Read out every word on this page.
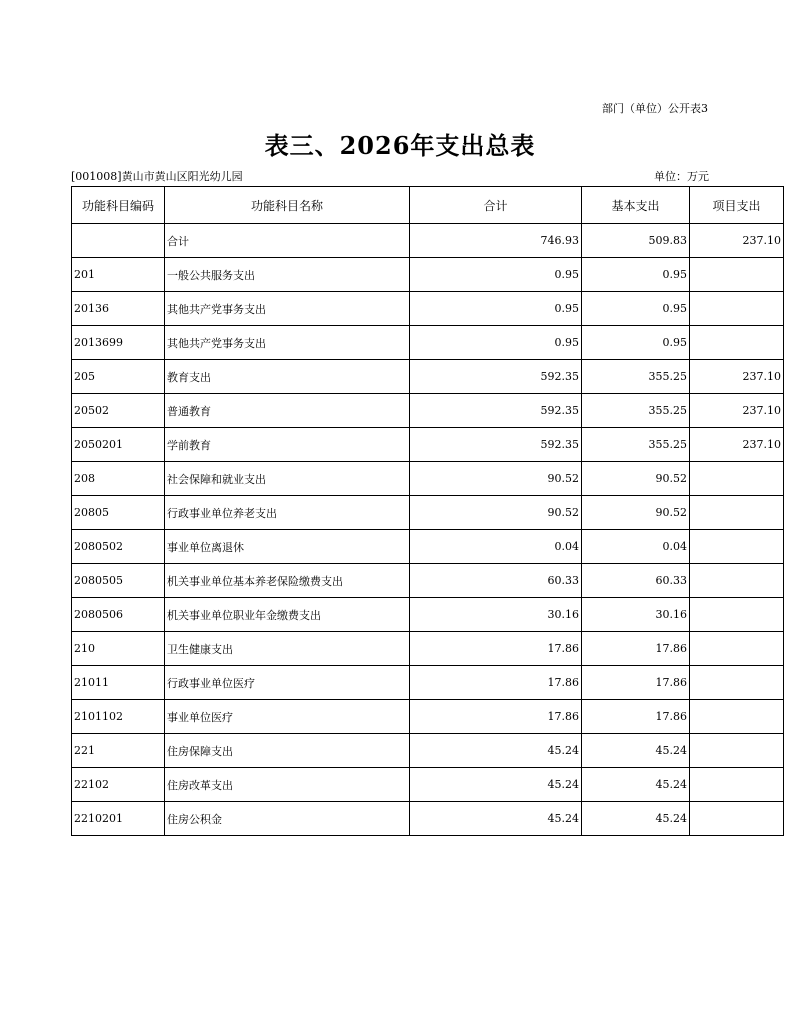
部门（单位）公开表3
表三、2026年支出总表
[001008]黄山市黄山区阳光幼儿园	单位：万元
功能科目编码	功能科目名称	合计	基本支出	项目支出
	合计	746.93	509.83	237.10
201	一般公共服务支出	0.95	0.95	
20136	其他共产党事务支出	0.95	0.95	
2013699	其他共产党事务支出	0.95	0.95	
205	教育支出	592.35	355.25	237.10
20502	普通教育	592.35	355.25	237.10
2050201	学前教育	592.35	355.25	237.10
208	社会保障和就业支出	90.52	90.52	
20805	行政事业单位养老支出	90.52	90.52	
2080502	事业单位离退休	0.04	0.04	
2080505	机关事业单位基本养老保险缴费支出	60.33	60.33	
2080506	机关事业单位职业年金缴费支出	30.16	30.16	
210	卫生健康支出	17.86	17.86	
21011	行政事业单位医疗	17.86	17.86	
2101102	事业单位医疗	17.86	17.86	
221	住房保障支出	45.24	45.24	
22102	住房改革支出	45.24	45.24	
2210201	住房公积金	45.24	45.24	
